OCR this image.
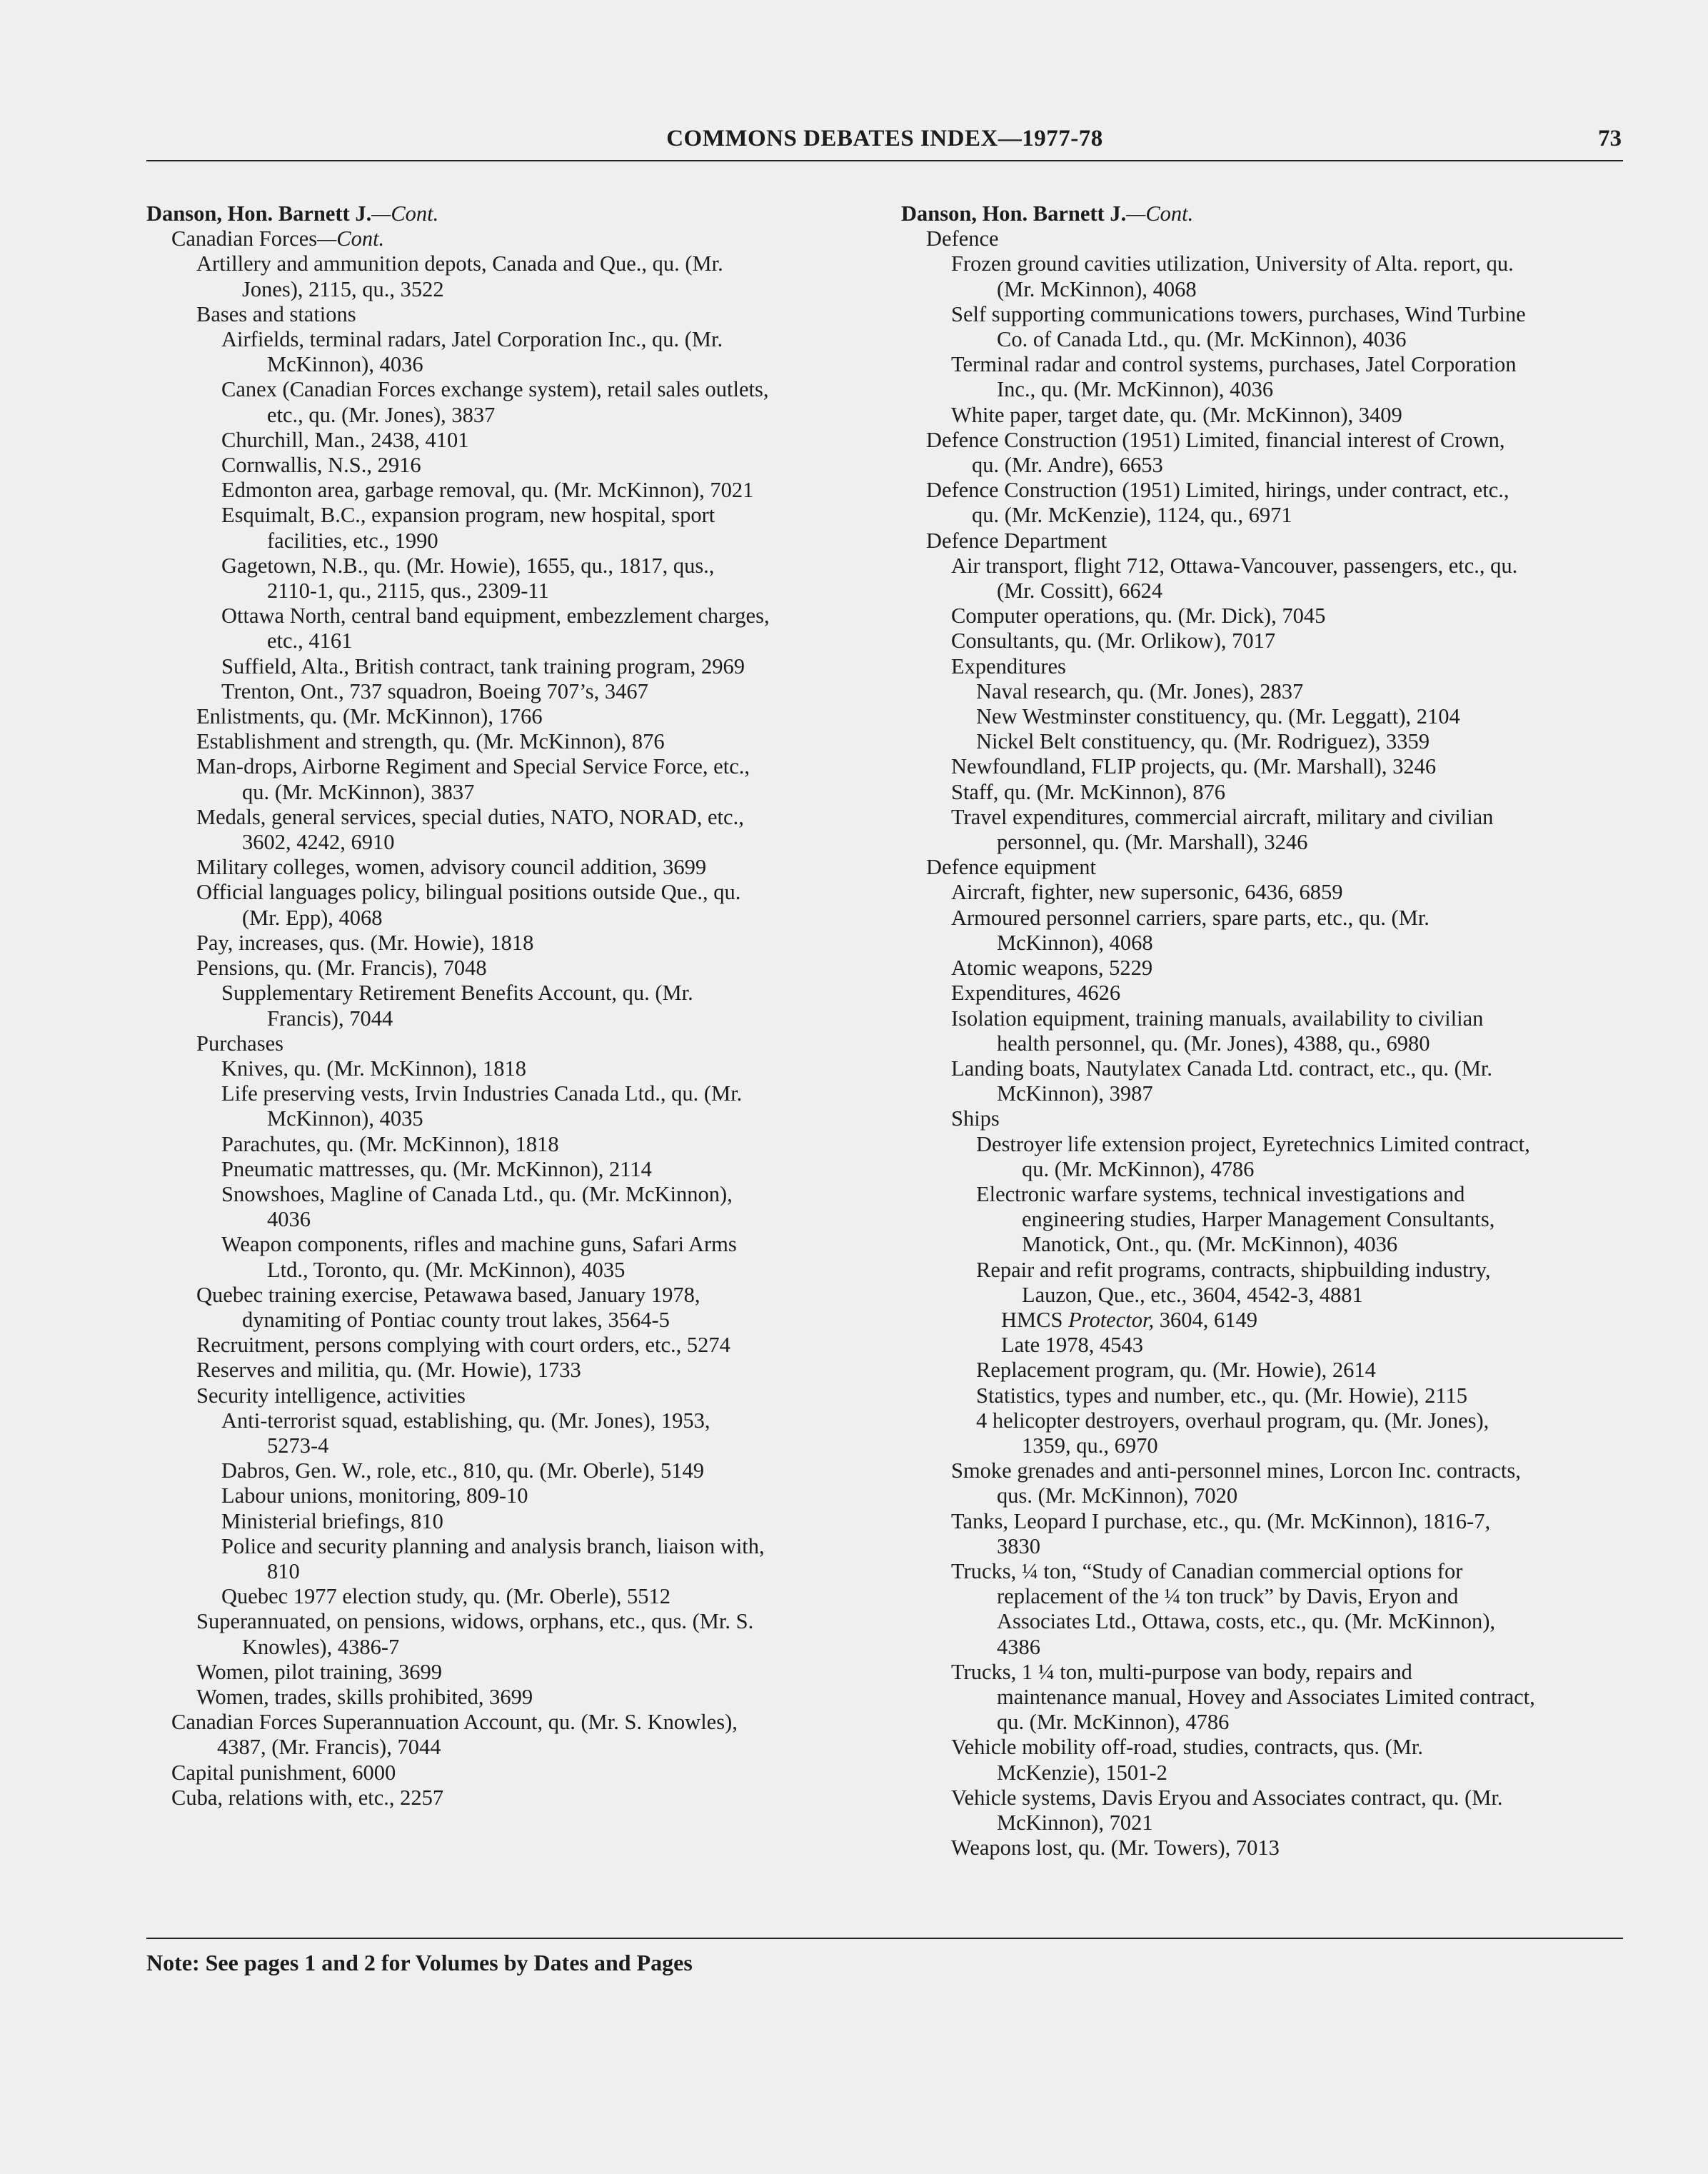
COMMONS DEBATES INDEX—1977-78	73
Danson, Hon. Barnett J.—Cont.
Canadian Forces—Cont.
Artillery and ammunition depots, Canada and Que., qu. (Mr.
Jones), 2115, qu., 3522
Bases and stations
Airfields, terminal radars, Jatel Corporation Inc., qu. (Mr.
McKinnon), 4036
Canex (Canadian Forces exchange system), retail sales outlets,
etc., qu. (Mr. Jones), 3837
Churchill, Man., 2438, 4101
Cornwallis, N.S., 2916
Edmonton area, garbage removal, qu. (Mr. McKinnon), 7021
Esquimalt, B.C., expansion program, new hospital, sport
facilities, etc., 1990
Gagetown, N.B., qu. (Mr. Howie), 1655, qu., 1817, qus.,
2110-1, qu., 2115, qus., 2309-11
Ottawa North, central band equipment, embezzlement charges,
etc., 4161
Suffield, Alta., British contract, tank training program, 2969
Trenton, Ont., 737 squadron, Boeing 707’s, 3467
Enlistments, qu. (Mr. McKinnon), 1766
Establishment and strength, qu. (Mr. McKinnon), 876
Man-drops, Airborne Regiment and Special Service Force, etc.,
qu. (Mr. McKinnon), 3837
Medals, general services, special duties, NATO, NORAD, etc.,
3602, 4242, 6910
Military colleges, women, advisory council addition, 3699
Official languages policy, bilingual positions outside Que., qu.
(Mr. Epp), 4068
Pay, increases, qus. (Mr. Howie), 1818
Pensions, qu. (Mr. Francis), 7048
Supplementary Retirement Benefits Account, qu. (Mr.
Francis), 7044
Purchases
Knives, qu. (Mr. McKinnon), 1818
Life preserving vests, Irvin Industries Canada Ltd., qu. (Mr.
McKinnon), 4035
Parachutes, qu. (Mr. McKinnon), 1818
Pneumatic mattresses, qu. (Mr. McKinnon), 2114
Snowshoes, Magline of Canada Ltd., qu. (Mr. McKinnon),
4036
Weapon components, rifles and machine guns, Safari Arms
Ltd., Toronto, qu. (Mr. McKinnon), 4035
Quebec training exercise, Petawawa based, January 1978,
dynamiting of Pontiac county trout lakes, 3564-5
Recruitment, persons complying with court orders, etc., 5274
Reserves and militia, qu. (Mr. Howie), 1733
Security intelligence, activities
Anti-terrorist squad, establishing, qu. (Mr. Jones), 1953,
5273-4
Dabros, Gen. W., role, etc., 810, qu. (Mr. Oberle), 5149
Labour unions, monitoring, 809-10
Ministerial briefings, 810
Police and security planning and analysis branch, liaison with,
810
Quebec 1977 election study, qu. (Mr. Oberle), 5512
Superannuated, on pensions, widows, orphans, etc., qus. (Mr. S.
Knowles), 4386-7
Women, pilot training, 3699
Women, trades, skills prohibited, 3699
Canadian Forces Superannuation Account, qu. (Mr. S. Knowles),
4387, (Mr. Francis), 7044
Capital punishment, 6000
Cuba, relations with, etc., 2257
Danson, Hon. Barnett J.—Cont.
Defence
Frozen ground cavities utilization, University of Alta. report, qu.
(Mr. McKinnon), 4068
Self supporting communications towers, purchases, Wind Turbine
Co. of Canada Ltd., qu. (Mr. McKinnon), 4036
Terminal radar and control systems, purchases, Jatel Corporation
Inc., qu. (Mr. McKinnon), 4036
White paper, target date, qu. (Mr. McKinnon), 3409
Defence Construction (1951) Limited, financial interest of Crown,
qu. (Mr. Andre), 6653
Defence Construction (1951) Limited, hirings, under contract, etc.,
qu. (Mr. McKenzie), 1124, qu., 6971
Defence Department
Air transport, flight 712, Ottawa-Vancouver, passengers, etc., qu.
(Mr. Cossitt), 6624
Computer operations, qu. (Mr. Dick), 7045
Consultants, qu. (Mr. Orlikow), 7017
Expenditures
Naval research, qu. (Mr. Jones), 2837
New Westminster constituency, qu. (Mr. Leggatt), 2104
Nickel Belt constituency, qu. (Mr. Rodriguez), 3359
Newfoundland, FLIP projects, qu. (Mr. Marshall), 3246
Staff, qu. (Mr. McKinnon), 876
Travel expenditures, commercial aircraft, military and civilian
personnel, qu. (Mr. Marshall), 3246
Defence equipment
Aircraft, fighter, new supersonic, 6436, 6859
Armoured personnel carriers, spare parts, etc., qu. (Mr.
McKinnon), 4068
Atomic weapons, 5229
Expenditures, 4626
Isolation equipment, training manuals, availability to civilian
health personnel, qu. (Mr. Jones), 4388, qu., 6980
Landing boats, Nautylatex Canada Ltd. contract, etc., qu. (Mr.
McKinnon), 3987
Ships
Destroyer life extension project, Eyretechnics Limited contract,
qu. (Mr. McKinnon), 4786
Electronic warfare systems, technical investigations and
engineering studies, Harper Management Consultants,
Manotick, Ont., qu. (Mr. McKinnon), 4036
Repair and refit programs, contracts, shipbuilding industry,
Lauzon, Que., etc., 3604, 4542-3, 4881
HMCS Protector, 3604, 6149
Late 1978, 4543
Replacement program, qu. (Mr. Howie), 2614
Statistics, types and number, etc., qu. (Mr. Howie), 2115
4 helicopter destroyers, overhaul program, qu. (Mr. Jones),
1359, qu., 6970
Smoke grenades and anti-personnel mines, Lorcon Inc. contracts,
qus. (Mr. McKinnon), 7020
Tanks, Leopard I purchase, etc., qu. (Mr. McKinnon), 1816-7,
3830
Trucks, ¼ ton, “Study of Canadian commercial options for
replacement of the ¼ ton truck” by Davis, Eryon and
Associates Ltd., Ottawa, costs, etc., qu. (Mr. McKinnon),
4386
Trucks, 1 ¼ ton, multi-purpose van body, repairs and
maintenance manual, Hovey and Associates Limited contract,
qu. (Mr. McKinnon), 4786
Vehicle mobility off-road, studies, contracts, qus. (Mr.
McKenzie), 1501-2
Vehicle systems, Davis Eryou and Associates contract, qu. (Mr.
McKinnon), 7021
Weapons lost, qu. (Mr. Towers), 7013
Note: See pages 1 and 2 for Volumes by Dates and Pages
